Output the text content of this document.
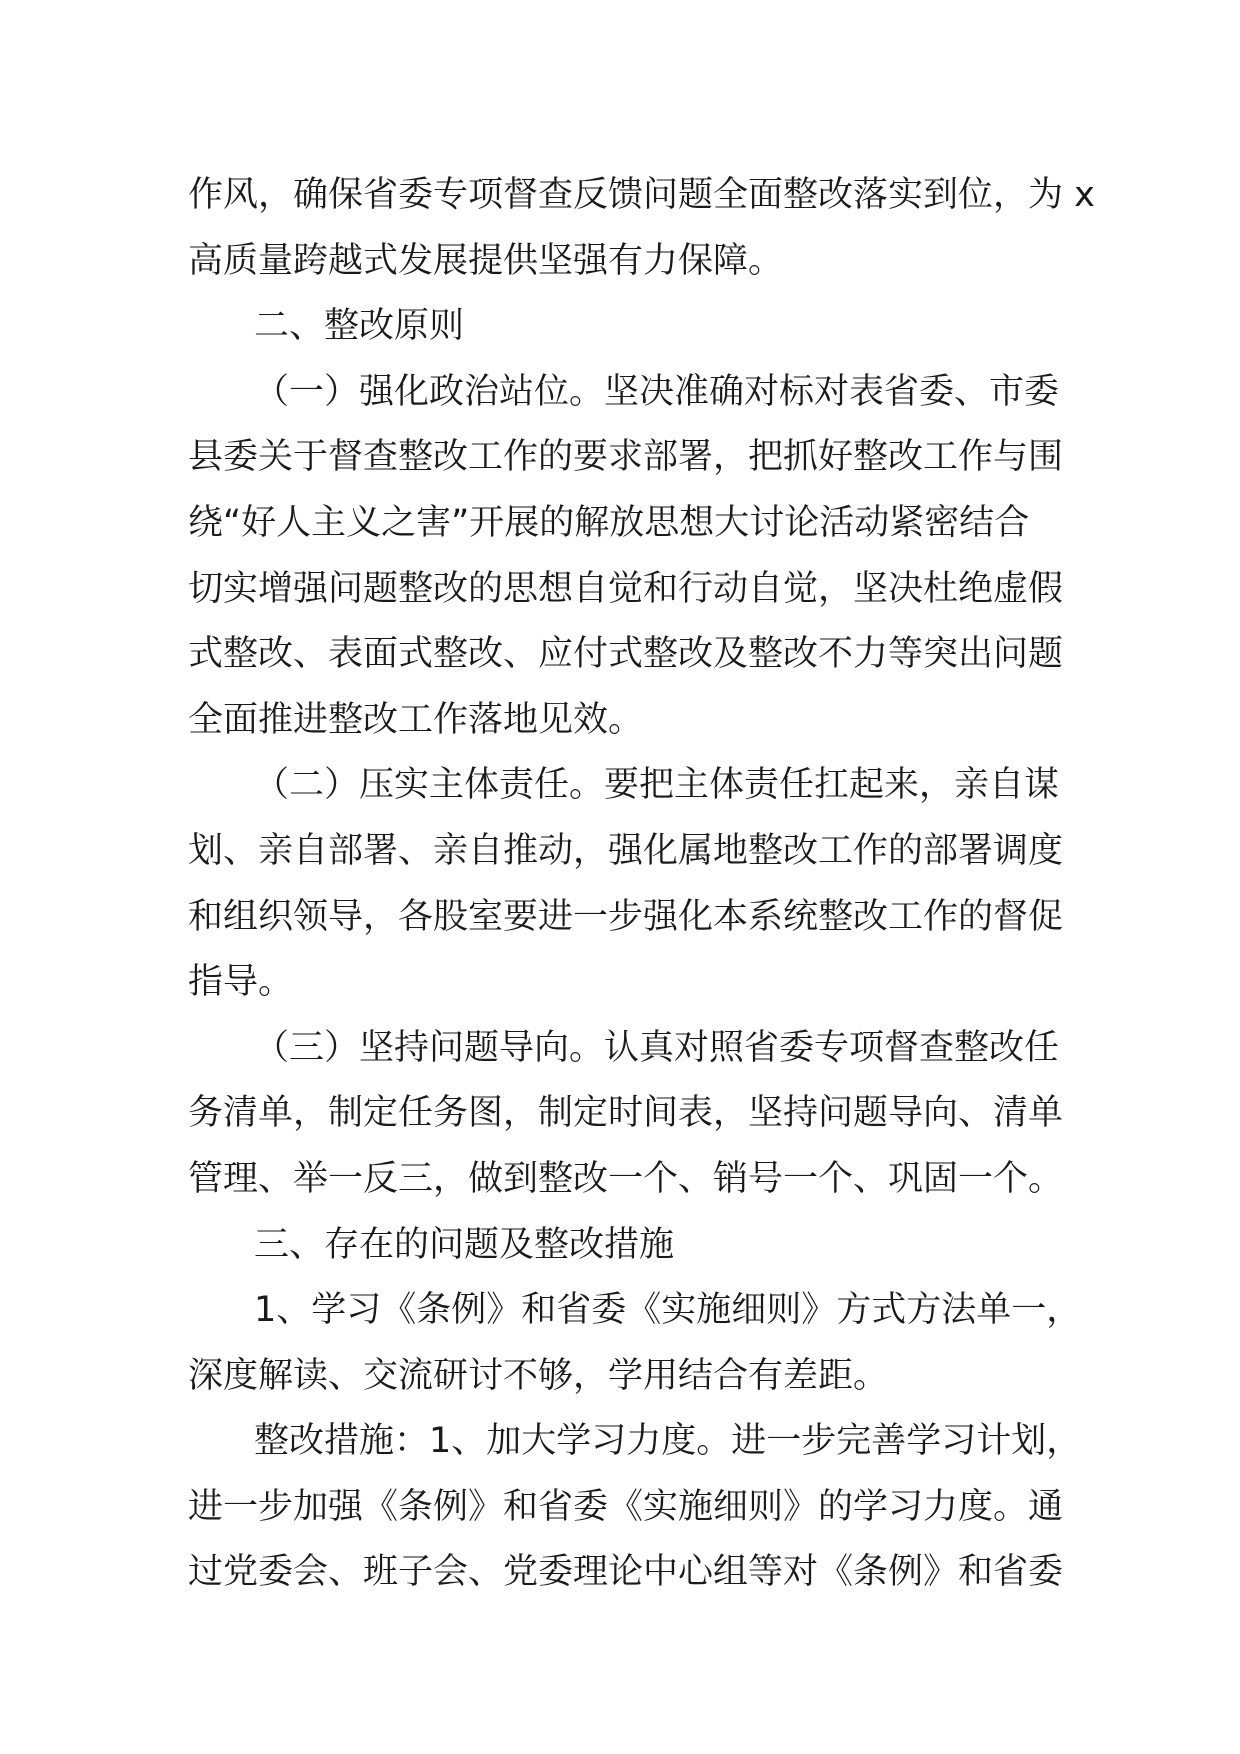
作风，确保省委专项督查反馈问题全面整改落实到位，为 x
高质量跨越式发展提供坚强有力保障。
二、整改原则
（一）强化政治站位。坚决准确对标对表省委、市委
县委关于督查整改工作的要求部署，把抓好整改工作与围
绕“好人主义之害”开展的解放思想大讨论活动紧密结合
切实增强问题整改的思想自觉和行动自觉，坚决杜绝虚假
式整改、表面式整改、应付式整改及整改不力等突出问题
全面推进整改工作落地见效。
（二）压实主体责任。要把主体责任扛起来，亲自谋
划、亲自部署、亲自推动，强化属地整改工作的部署调度
和组织领导，各股室要进一步强化本系统整改工作的督促
指导。
（三）坚持问题导向。认真对照省委专项督查整改任
务清单，制定任务图，制定时间表，坚持问题导向、清单
管理、举一反三，做到整改一个、销号一个、巩固一个。
三、存在的问题及整改措施
1、学习《条例》和省委《实施细则》方式方法单一，
深度解读、交流研讨不够，学用结合有差距。
整改措施：1、加大学习力度。进一步完善学习计划，
进一步加强《条例》和省委《实施细则》的学习力度。通
过党委会、班子会、党委理论中心组等对《条例》和省委
